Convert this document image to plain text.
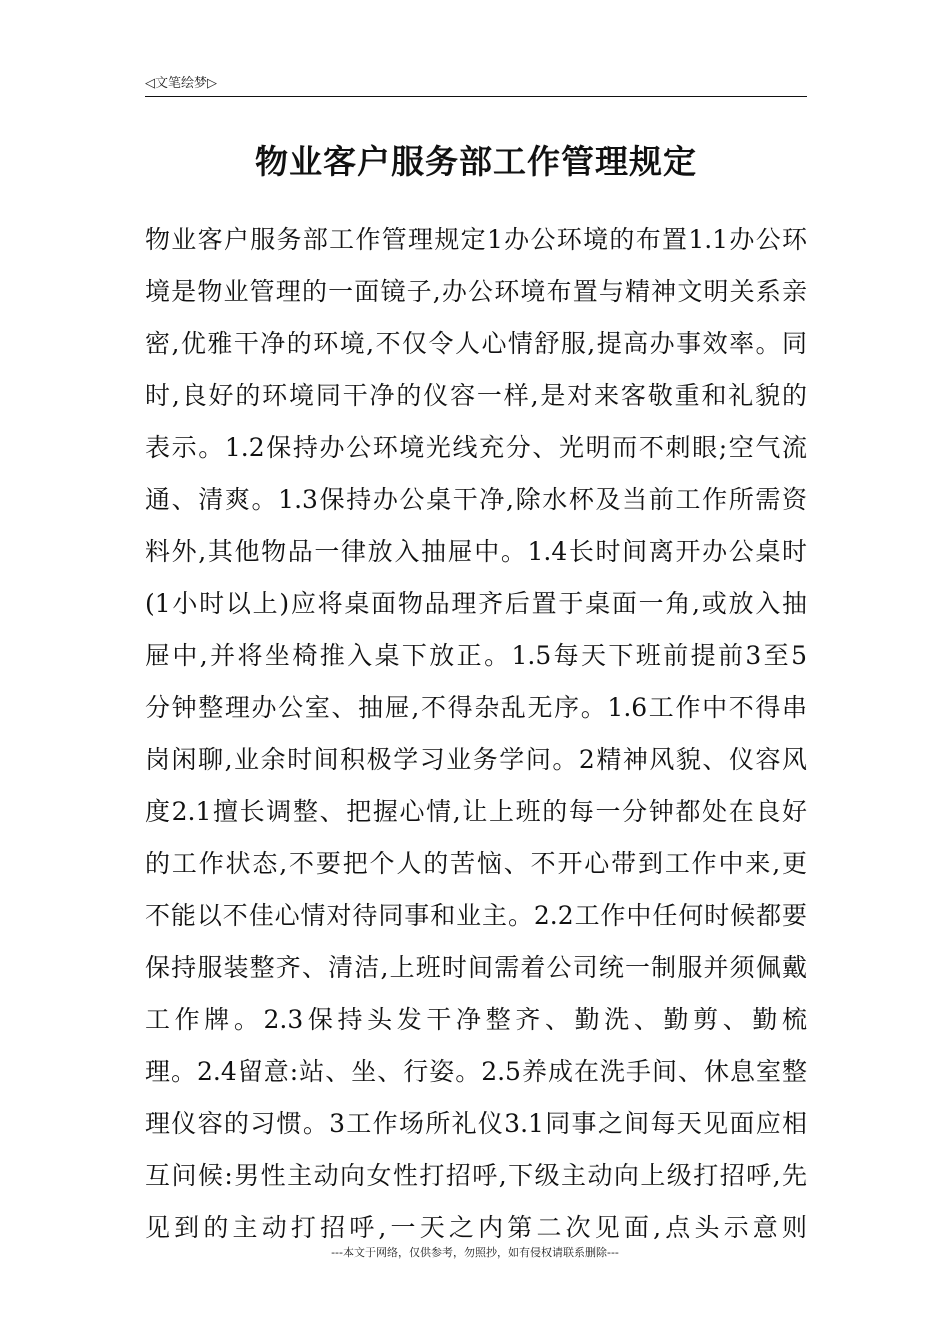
◁文笔绘梦▷
物业客户服务部工作管理规定
物业客户服务部工作管理规定1办公环境的布置1.1办公环
境是物业管理的一面镜子,办公环境布置与精神文明关系亲
密,优雅干净的环境,不仅令人心情舒服,提高办事效率。同
时,良好的环境同干净的仪容一样,是对来客敬重和礼貌的
表示。1.2保持办公环境光线充分、光明而不刺眼;空气流
通、清爽。1.3保持办公桌干净,除水杯及当前工作所需资
料外,其他物品一律放入抽屉中。1.4长时间离开办公桌时
(1小时以上)应将桌面物品理齐后置于桌面一角,或放入抽
屉中,并将坐椅推入桌下放正。1.5每天下班前提前3至5
分钟整理办公室、抽屉,不得杂乱无序。1.6工作中不得串
岗闲聊,业余时间积极学习业务学问。2精神风貌、仪容风
度2.1擅长调整、把握心情,让上班的每一分钟都处在良好
的工作状态,不要把个人的苦恼、不开心带到工作中来,更
不能以不佳心情对待同事和业主。2.2工作中任何时候都要
保持服装整齐、清洁,上班时间需着公司统一制服并须佩戴
工作牌。2.3保持头发干净整齐、勤洗、勤剪、勤梳
理。2.4留意:站、坐、行姿。2.5养成在洗手间、休息室整
理仪容的习惯。3工作场所礼仪3.1同事之间每天见面应相
互问候:男性主动向女性打招呼,下级主动向上级打招呼,先
见到的主动打招呼,一天之内第二次见面,点头示意则
---本文于网络，仅供参考，勿照抄，如有侵权请联系删除---
